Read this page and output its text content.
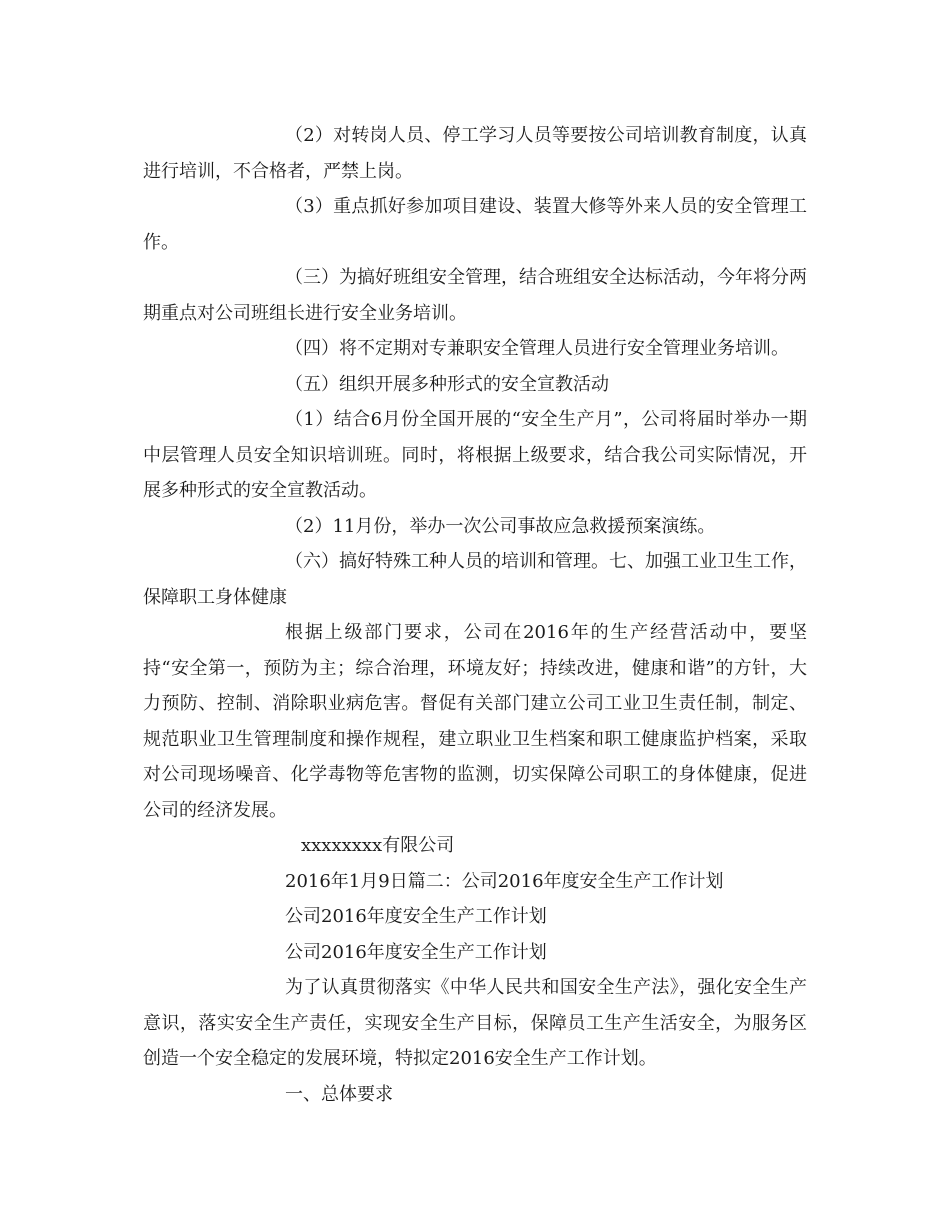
（2）对转岗人员、停工学习人员等要按公司培训教育制度，认真进行培训，不合格者，严禁上岗。

（3）重点抓好参加项目建设、装置大修等外来人员的安全管理工作。

（三）为搞好班组安全管理，结合班组安全达标活动，今年将分两期重点对公司班组长进行安全业务培训。

（四）将不定期对专兼职安全管理人员进行安全管理业务培训。

（五）组织开展多种形式的安全宣教活动

（1）结合6月份全国开展的“安全生产月”，公司将届时举办一期中层管理人员安全知识培训班。同时，将根据上级要求，结合我公司实际情况，开展多种形式的安全宣教活动。

（2）11月份，举办一次公司事故应急救援预案演练。

（六）搞好特殊工种人员的培训和管理。七、加强工业卫生工作，保障职工身体健康

根据上级部门要求，公司在2016年的生产经营活动中，要坚持“安全第一，预防为主；综合治理，环境友好；持续改进，健康和谐”的方针，大力预防、控制、消除职业病危害。督促有关部门建立公司工业卫生责任制，制定、规范职业卫生管理制度和操作规程，建立职业卫生档案和职工健康监护档案，采取对公司现场噪音、化学毒物等危害物的监测，切实保障公司职工的身体健康，促进公司的经济发展。

xxxxxxxx有限公司

2016年1月9日篇二：公司2016年度安全生产工作计划

公司2016年度安全生产工作计划

公司2016年度安全生产工作计划

为了认真贯彻落实《中华人民共和国安全生产法》，强化安全生产意识，落实安全生产责任，实现安全生产目标，保障员工生产生活安全，为服务区创造一个安全稳定的发展环境，特拟定2016安全生产工作计划。

一、总体要求
